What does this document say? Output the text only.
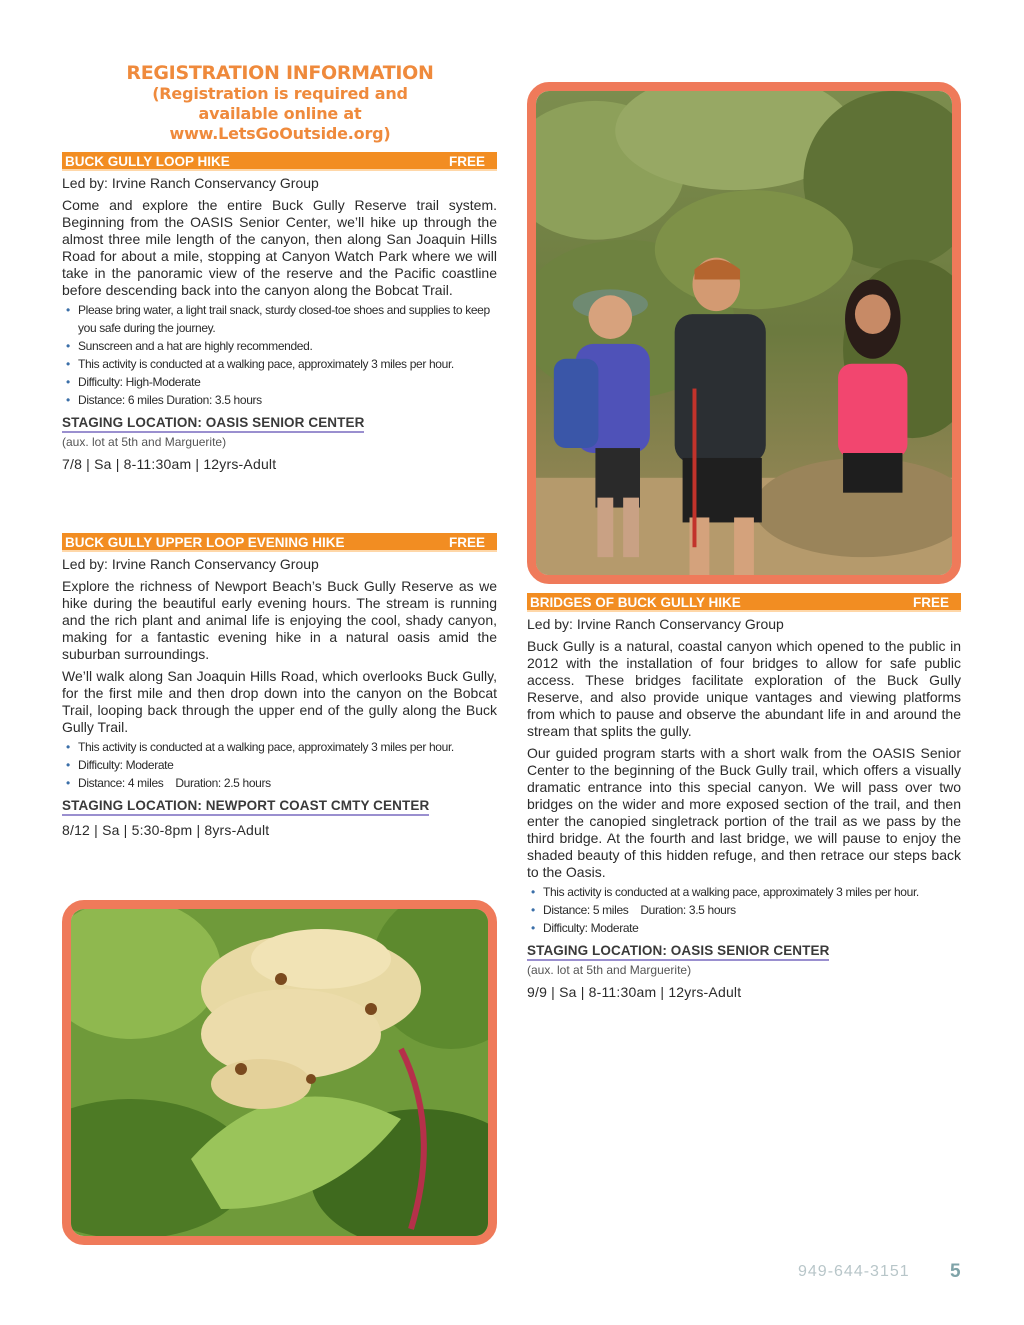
REGISTRATION INFORMATION
(Registration is required and
available online at
www.LetsGoOutside.org)
BUCK GULLY LOOP HIKE	FREE
Led by: Irvine Ranch Conservancy Group

Come and explore the entire Buck Gully Reserve trail system. Beginning from the OASIS Senior Center, we’ll hike up through the almost three mile length of the canyon, then along San Joaquin Hills Road for about a mile, stopping at Canyon Watch Park where we will take in the panoramic view of the reserve and the Pacific coastline before descending back into the canyon along the Bobcat Trail.

• Please bring water, a light trail snack, sturdy closed-toe shoes and supplies to keep you safe during the journey.
• Sunscreen and a hat are highly recommended.
• This activity is conducted at a walking pace, approximately 3 miles per hour.
• Difficulty: High-Moderate
• Distance: 6 miles Duration: 3.5 hours
STAGING LOCATION: OASIS SENIOR CENTER
(aux. lot at 5th and Marguerite)
7/8 | Sa | 8-11:30am | 12yrs-Adult
BUCK GULLY UPPER LOOP EVENING HIKE	FREE
Led by: Irvine Ranch Conservancy Group

Explore the richness of Newport Beach’s Buck Gully Reserve as we hike during the beautiful early evening hours. The stream is running and the rich plant and animal life is enjoying the cool, shady canyon, making for a fantastic evening hike in a natural oasis amid the suburban surroundings.

We’ll walk along San Joaquin Hills Road, which overlooks Buck Gully, for the first mile and then drop down into the canyon on the Bobcat Trail, looping back through the upper end of the gully along the Buck Gully Trail.

• This activity is conducted at a walking pace, approximately 3 miles per hour.
• Difficulty: Moderate
• Distance: 4 miles    Duration: 2.5 hours
STAGING LOCATION: NEWPORT COAST CMTY CENTER
8/12 | Sa | 5:30-8pm | 8yrs-Adult
BRIDGES OF BUCK GULLY HIKE	FREE
Led by: Irvine Ranch Conservancy Group

Buck Gully is a natural, coastal canyon which opened to the public in 2012 with the installation of four bridges to allow for safe public access. These bridges facilitate exploration of the Buck Gully Reserve, and also provide unique vantages and viewing platforms from which to pause and observe the abundant life in and around the stream that splits the gully.

Our guided program starts with a short walk from the OASIS Senior Center to the beginning of the Buck Gully trail, which offers a visually dramatic entrance into this special canyon. We will pass over two bridges on the wider and more exposed section of the trail, and then enter the canopied singletrack portion of the trail as we pass by the third bridge. At the fourth and last bridge, we will pause to enjoy the shaded beauty of this hidden refuge, and then retrace our steps back to the Oasis.

• This activity is conducted at a walking pace, approximately 3 miles per hour.
• Distance: 5 miles    Duration: 3.5 hours
• Difficulty: Moderate
STAGING LOCATION: OASIS SENIOR CENTER
(aux. lot at 5th and Marguerite)
9/9 | Sa | 8-11:30am | 12yrs-Adult
949-644-3151 5
